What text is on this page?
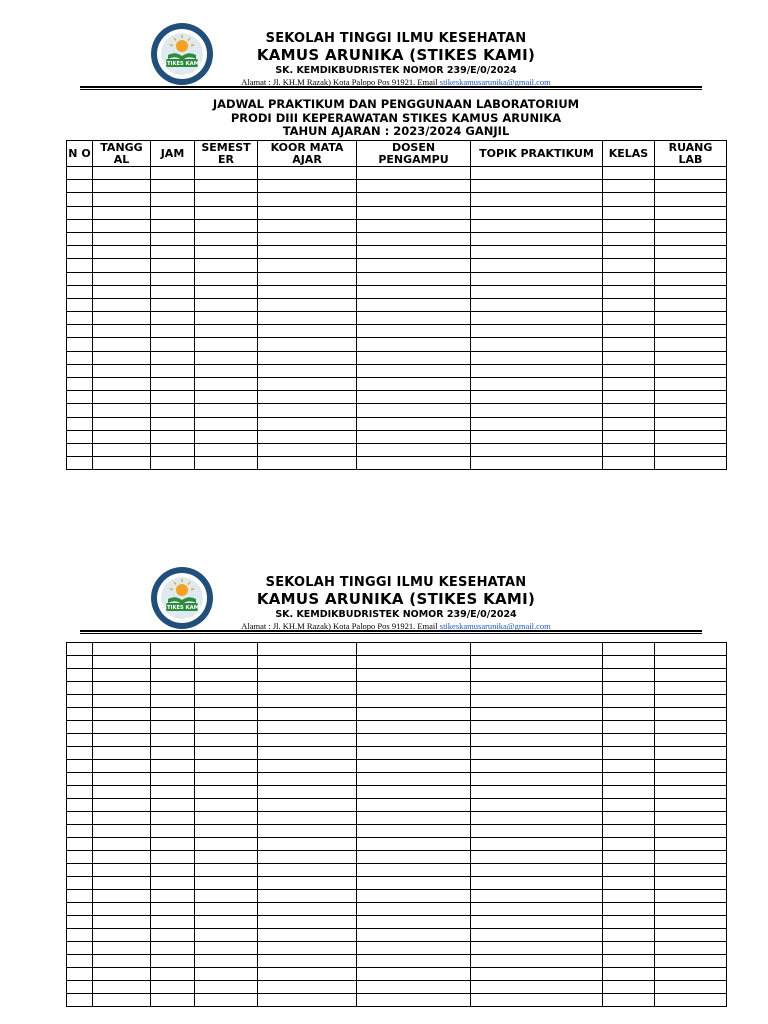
STIKES KAMI
SEKOLAH TINGGI ILMU KESEHATAN
KAMUS ARUNIKA (STIKES KAMI)
SK. KEMDIKBUDRISTEK NOMOR 239/E/0/2024
Alamat : Jl. KH.M Razak) Kota Palopo Pos 91921. Email stikeskamusarunika@gmail.com
JADWAL PRAKTIKUM DAN PENGGUNAAN LABORATORIUM
PRODI DIII KEPERAWATAN STIKES KAMUS ARUNIKA
TAHUN AJARAN : 2023/2024 GANJIL
N O	TANGG AL	JAM	SEMEST ER	KOOR MATA AJAR	DOSEN PENGAMPU	TOPIK PRAKTIKUM	KELAS	RUANG LAB

STIKES KAMI
SEKOLAH TINGGI ILMU KESEHATAN
KAMUS ARUNIKA (STIKES KAMI)
SK. KEMDIKBUDRISTEK NOMOR 239/E/0/2024
Alamat : Jl. KH.M Razak) Kota Palopo Pos 91921. Email stikeskamusarunika@gmail.com
